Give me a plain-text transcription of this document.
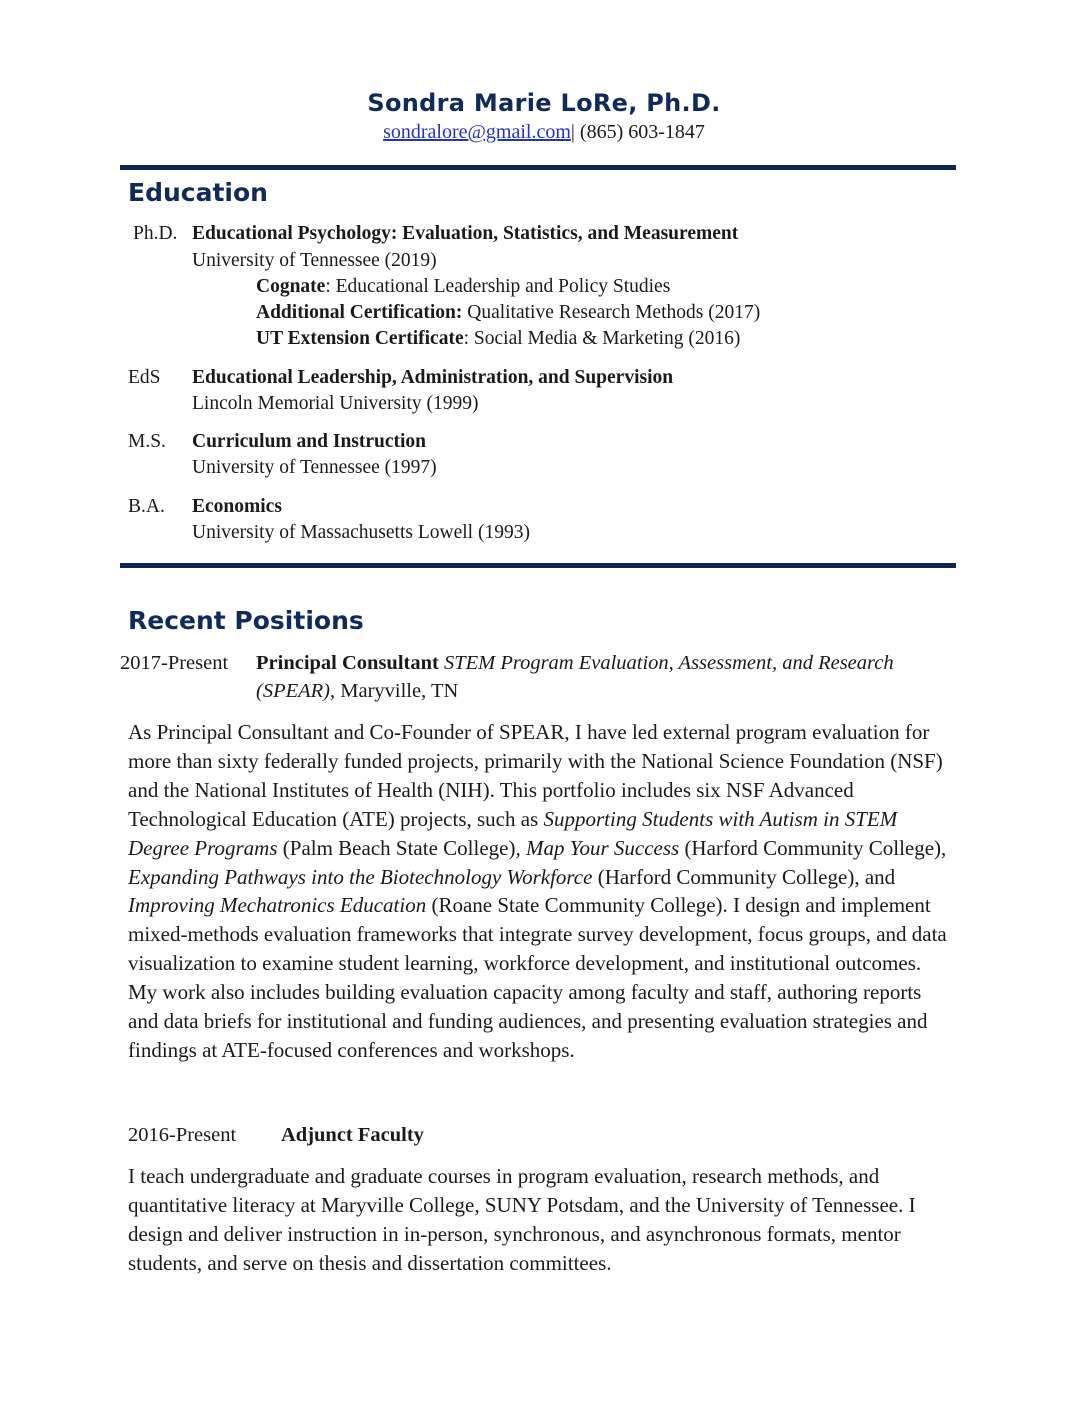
Sondra Marie LoRe, Ph.D.
sondralore@gmail.com| (865) 603-1847
Education
Ph.D. Educational Psychology: Evaluation, Statistics, and Measurement
University of Tennessee (2019)
Cognate: Educational Leadership and Policy Studies
Additional Certification: Qualitative Research Methods (2017)
UT Extension Certificate: Social Media & Marketing (2016)
EdS Educational Leadership, Administration, and Supervision
Lincoln Memorial University (1999)
M.S. Curriculum and Instruction
University of Tennessee (1997)
B.A. Economics
University of Massachusetts Lowell (1993)
Recent Positions
2017-Present Principal Consultant STEM Program Evaluation, Assessment, and Research
(SPEAR), Maryville, TN
As Principal Consultant and Co-Founder of SPEAR, I have led external program evaluation for more than sixty federally funded projects, primarily with the National Science Foundation (NSF) and the National Institutes of Health (NIH). This portfolio includes six NSF Advanced Technological Education (ATE) projects, such as Supporting Students with Autism in STEM Degree Programs (Palm Beach State College), Map Your Success (Harford Community College), Expanding Pathways into the Biotechnology Workforce (Harford Community College), and Improving Mechatronics Education (Roane State Community College). I design and implement mixed-methods evaluation frameworks that integrate survey development, focus groups, and data visualization to examine student learning, workforce development, and institutional outcomes. My work also includes building evaluation capacity among faculty and staff, authoring reports and data briefs for institutional and funding audiences, and presenting evaluation strategies and findings at ATE-focused conferences and workshops.
2016-Present Adjunct Faculty
I teach undergraduate and graduate courses in program evaluation, research methods, and quantitative literacy at Maryville College, SUNY Potsdam, and the University of Tennessee. I design and deliver instruction in in-person, synchronous, and asynchronous formats, mentor students, and serve on thesis and dissertation committees.
